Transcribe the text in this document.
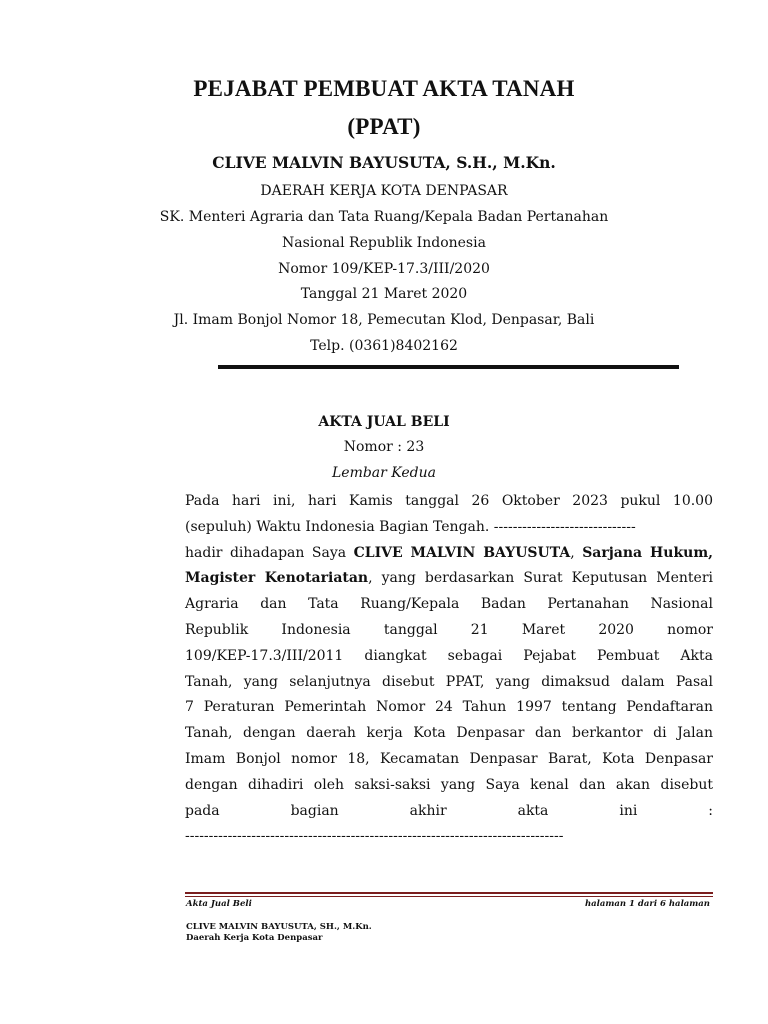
PEJABAT PEMBUAT AKTA TANAH
(PPAT)
CLIVE MALVIN BAYUSUTA, S.H., M.Kn.
DAERAH KERJA KOTA DENPASAR
SK. Menteri Agraria dan Tata Ruang/Kepala Badan Pertanahan
Nasional Republik Indonesia
Nomor 109/KEP-17.3/III/2020
Tanggal 21 Maret 2020
Jl. Imam Bonjol Nomor 18, Pemecutan Klod, Denpasar, Bali
Telp. (0361)8402162
AKTA JUAL BELI
Nomor : 23
Lembar Kedua
Pada hari ini, hari Kamis tanggal 26 Oktober 2023 pukul 10.00
(sepuluh) Waktu Indonesia Bagian Tengah. ------------------------------
hadir dihadapan Saya CLIVE MALVIN BAYUSUTA, Sarjana Hukum,
Magister Kenotariatan, yang berdasarkan Surat Keputusan Menteri
Agraria dan Tata Ruang/Kepala Badan Pertanahan Nasional
Republik Indonesia tanggal 21 Maret 2020 nomor
109/KEP-17.3/III/2011 diangkat sebagai Pejabat Pembuat Akta
Tanah, yang selanjutnya disebut PPAT, yang dimaksud dalam Pasal
7 Peraturan Pemerintah Nomor 24 Tahun 1997 tentang Pendaftaran
Tanah, dengan daerah kerja Kota Denpasar dan berkantor di Jalan
Imam Bonjol nomor 18, Kecamatan Denpasar Barat, Kota Denpasar
dengan dihadiri oleh saksi-saksi yang Saya kenal dan akan disebut
pada bagian akhir akta ini :
--------------------------------------------------------------------------------
Akta Jual Beli	halaman 1 dari 6 halaman
CLIVE MALVIN BAYUSUTA, SH., M.Kn.
Daerah Kerja Kota Denpasar
